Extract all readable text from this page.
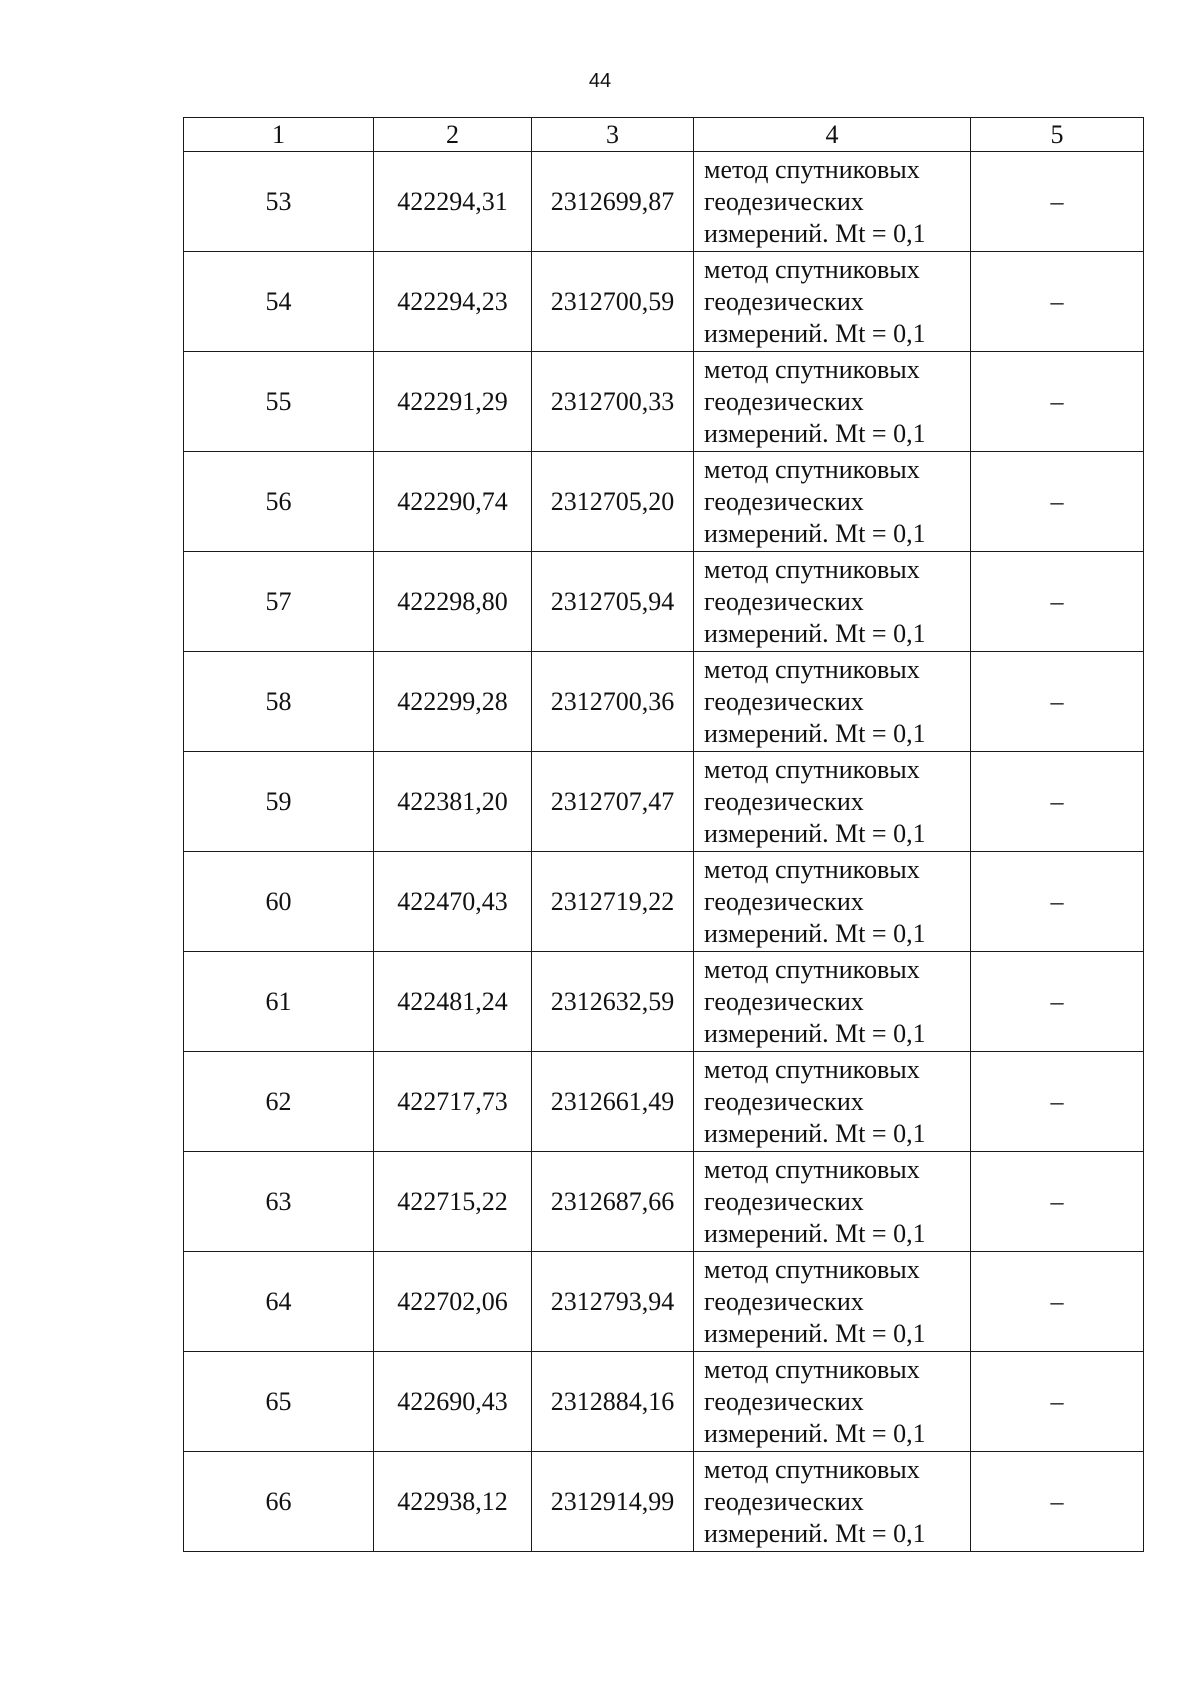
44
1	2	3	4	5
53	422294,31	2312699,87	метод спутниковых
геодезических
измерений. Mt = 0,1	–
54	422294,23	2312700,59	метод спутниковых
геодезических
измерений. Mt = 0,1	–
55	422291,29	2312700,33	метод спутниковых
геодезических
измерений. Mt = 0,1	–
56	422290,74	2312705,20	метод спутниковых
геодезических
измерений. Mt = 0,1	–
57	422298,80	2312705,94	метод спутниковых
геодезических
измерений. Mt = 0,1	–
58	422299,28	2312700,36	метод спутниковых
геодезических
измерений. Mt = 0,1	–
59	422381,20	2312707,47	метод спутниковых
геодезических
измерений. Mt = 0,1	–
60	422470,43	2312719,22	метод спутниковых
геодезических
измерений. Mt = 0,1	–
61	422481,24	2312632,59	метод спутниковых
геодезических
измерений. Mt = 0,1	–
62	422717,73	2312661,49	метод спутниковых
геодезических
измерений. Mt = 0,1	–
63	422715,22	2312687,66	метод спутниковых
геодезических
измерений. Mt = 0,1	–
64	422702,06	2312793,94	метод спутниковых
геодезических
измерений. Mt = 0,1	–
65	422690,43	2312884,16	метод спутниковых
геодезических
измерений. Mt = 0,1	–
66	422938,12	2312914,99	метод спутниковых
геодезических
измерений. Mt = 0,1	–
